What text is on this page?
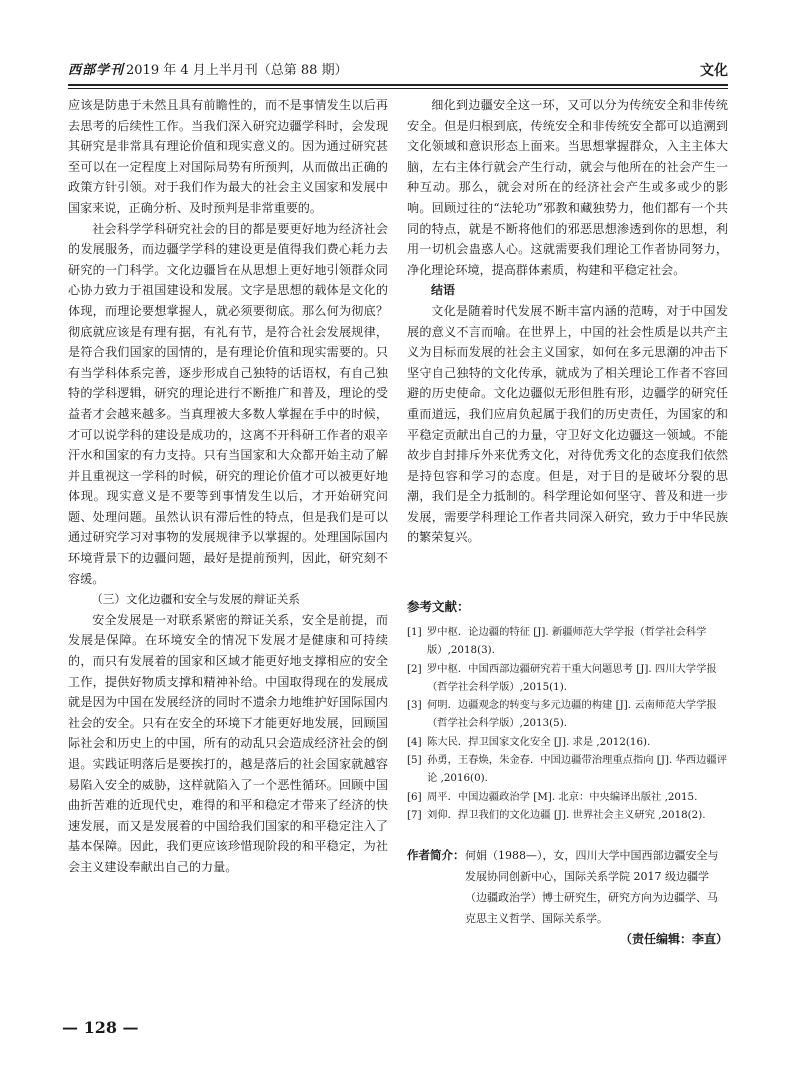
西部学刊 2019 年 4 月上半月刊（总第 88 期）	文化

应该是防患于未然且具有前瞻性的，而不是事情发生以后再去思考的后续性工作。当我们深入研究边疆学科时，会发现其研究是非常具有理论价值和现实意义的。因为通过研究甚至可以在一定程度上对国际局势有所预判，从而做出正确的政策方针引领。对于我们作为最大的社会主义国家和发展中国家来说，正确分析、及时预判是非常重要的。

社会科学学科研究社会的目的都是要更好地为经济社会的发展服务，而边疆学学科的建设更是值得我们费心耗力去研究的一门科学。文化边疆旨在从思想上更好地引领群众同心协力致力于祖国建设和发展。文字是思想的载体是文化的体现，而理论要想掌握人，就必须要彻底。那么何为彻底？彻底就应该是有理有据，有礼有节，是符合社会发展规律，是符合我们国家的国情的，是有理论价值和现实需要的。只有当学科体系完善，逐步形成自己独特的话语权，有自己独特的学科逻辑，研究的理论进行不断推广和普及，理论的受益者才会越来越多。当真理被大多数人掌握在手中的时候，才可以说学科的建设是成功的，这离不开科研工作者的艰辛汗水和国家的有力支持。只有当国家和大众都开始主动了解并且重视这一学科的时候，研究的理论价值才可以被更好地体现。现实意义是不要等到事情发生以后，才开始研究问题、处理问题。虽然认识有滞后性的特点，但是我们是可以通过研究学习对事物的发展规律予以掌握的。处理国际国内环境背景下的边疆问题，最好是提前预判，因此，研究刻不容缓。

（三）文化边疆和安全与发展的辩证关系

安全发展是一对联系紧密的辩证关系，安全是前提，而发展是保障。在环境安全的情况下发展才是健康和可持续的，而只有发展着的国家和区域才能更好地支撑相应的安全工作，提供好物质支撑和精神补给。中国取得现在的发展成就是因为中国在发展经济的同时不遗余力地维护好国际国内社会的安全。只有在安全的环境下才能更好地发展，回顾国际社会和历史上的中国，所有的动乱只会造成经济社会的倒退。实践证明落后是要挨打的，越是落后的社会国家就越容易陷入安全的威胁，这样就陷入了一个恶性循环。回顾中国曲折苦难的近现代史，难得的和平和稳定才带来了经济的快速发展，而又是发展着的中国给我们国家的和平稳定注入了基本保障。因此，我们更应该珍惜现阶段的和平稳定，为社会主义建设奉献出自己的力量。

细化到边疆安全这一环，又可以分为传统安全和非传统安全。但是归根到底，传统安全和非传统安全都可以追溯到文化领域和意识形态上面来。当思想掌握群众，入主主体大脑，左右主体行就会产生行动，就会与他所在的社会产生一种互动。那么，就会对所在的经济社会产生或多或少的影响。回顾过往的“法轮功”邪教和藏独势力，他们都有一个共同的特点，就是不断将他们的邪恶思想渗透到你的思想，利用一切机会蛊惑人心。这就需要我们理论工作者协同努力，净化理论环境，提高群体素质，构建和平稳定社会。

结语

文化是随着时代发展不断丰富内涵的范畴，对于中国发展的意义不言而喻。在世界上，中国的社会性质是以共产主义为目标而发展的社会主义国家，如何在多元思潮的冲击下坚守自己独特的文化传承，就成为了相关理论工作者不容回避的历史使命。文化边疆似无形但胜有形，边疆学的研究任重而道远，我们应肩负起属于我们的历史责任，为国家的和平稳定贡献出自己的力量，守卫好文化边疆这一领域。不能故步自封排斥外来优秀文化，对待优秀文化的态度我们依然是持包容和学习的态度。但是，对于目的是破坏分裂的思潮，我们是全力抵制的。科学理论如何坚守、普及和进一步发展，需要学科理论工作者共同深入研究，致力于中华民族的繁荣复兴。

参考文献：
[1] 罗中枢．论边疆的特征 [J]. 新疆师范大学学报（哲学社会科学版）,2018(3).
[2] 罗中枢．中国西部边疆研究若干重大问题思考 [J]. 四川大学学报（哲学社会科学版）,2015(1).
[3] 何明．边疆观念的转变与多元边疆的构建 [J]. 云南师范大学学报（哲学社会科学版）,2013(5).
[4] 陈大民．捍卫国家文化安全 [J]. 求是 ,2012(16).
[5] 孙勇，王春焕，朱金春．中国边疆带治理重点指向 [J]. 华西边疆评论 ,2016(0).
[6] 周平．中国边疆政治学 [M]. 北京：中央编译出版社 ,2015.
[7] 刘仰．捍卫我们的文化边疆 [J]. 世界社会主义研究 ,2018(2).
作者简介： 何娟（1988—），女，四川大学中国西部边疆安全与发展协同创新中心，国际关系学院 2017 级边疆学（边疆政治学）博士研究生，研究方向为边疆学、马克思主义哲学、国际关系学。
（责任编辑：李直）
— 128 —
